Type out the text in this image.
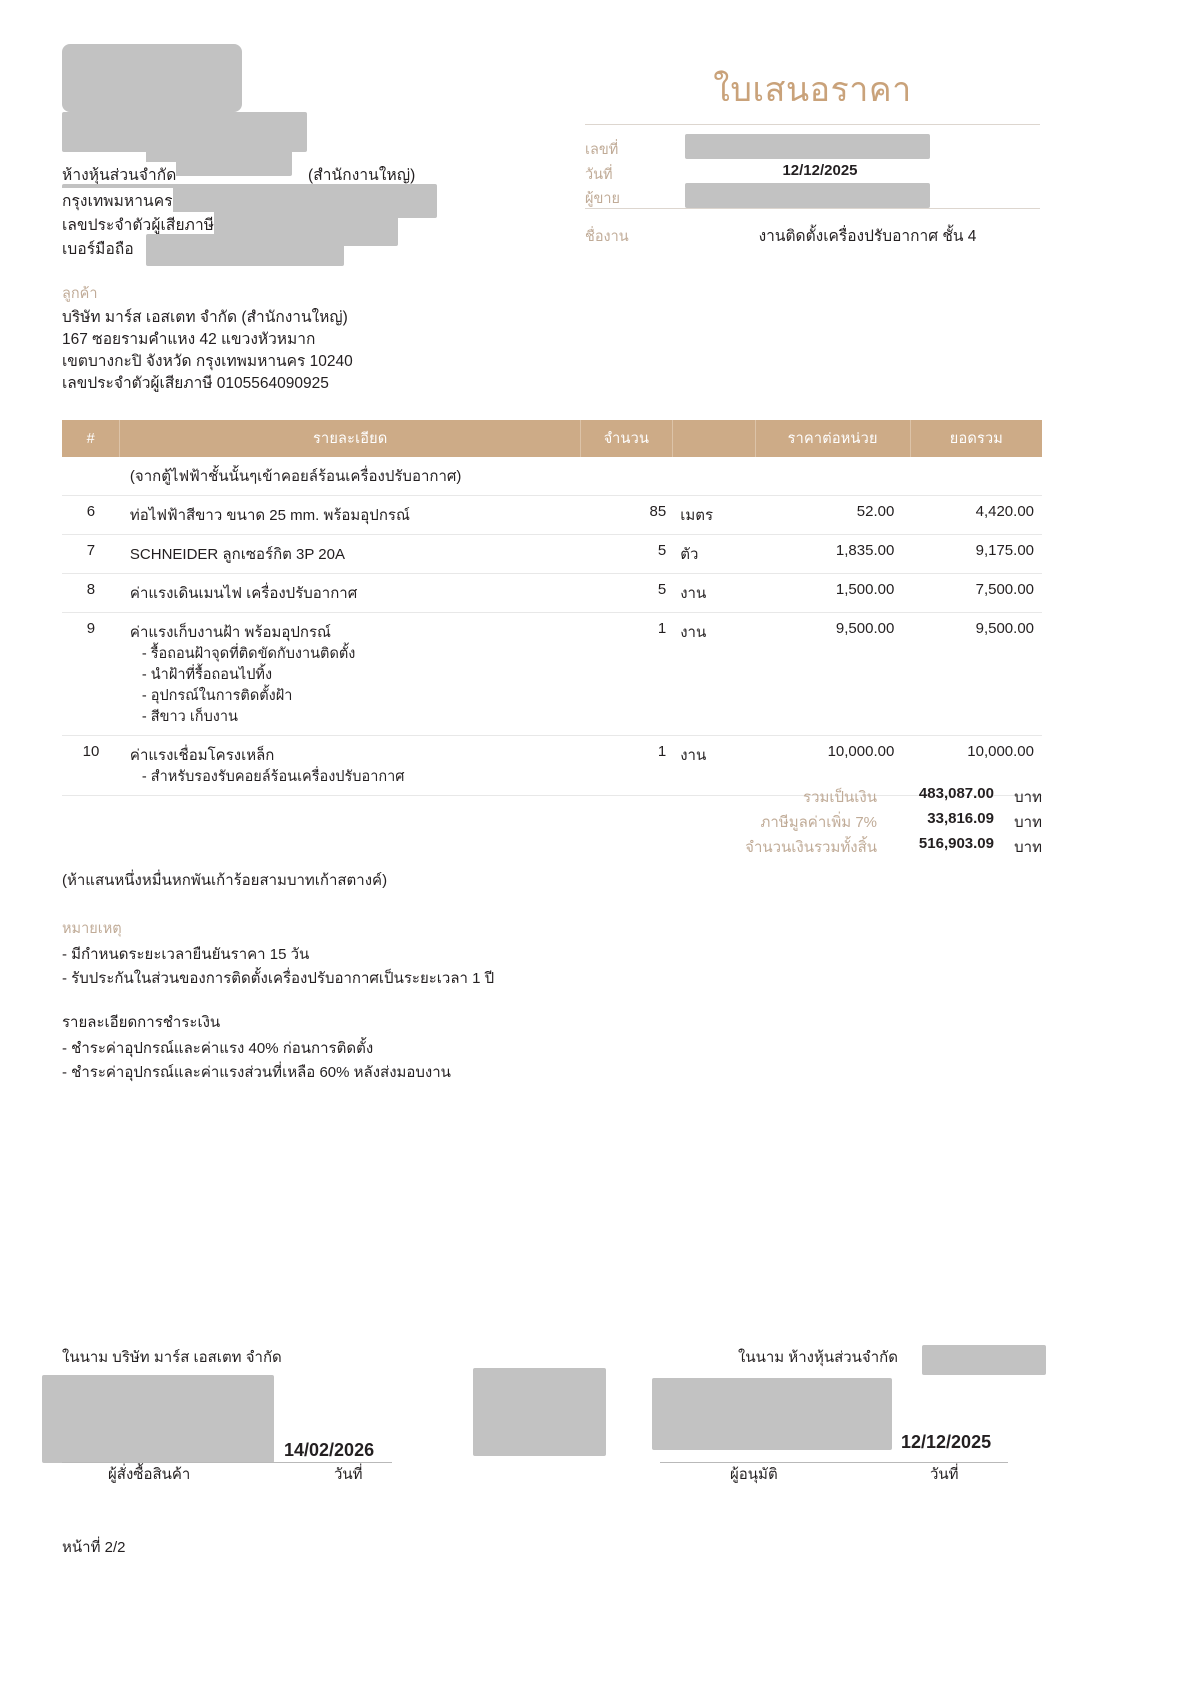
ห้างหุ้นส่วนจำกัด	(สำนักงานใหญ่)
กรุงเทพมหานคร
เลขประจำตัวผู้เสียภาษี
เบอร์มือถือ
ใบเสนอราคา
เลขที่
วันที่	12/12/2025
ผู้ขาย
ชื่องาน	งานติดตั้งเครื่องปรับอากาศ ชั้น 4
ลูกค้า
บริษัท มาร์ส เอสเตท จำกัด (สำนักงานใหญ่)
167 ซอยรามคำแหง 42 แขวงหัวหมาก
เขตบางกะปิ จังหวัด กรุงเทพมหานคร 10240
เลขประจำตัวผู้เสียภาษี 0105564090925
#	รายละเอียด	จำนวน		ราคาต่อหน่วย	ยอดรวม
	(จากตู้ไฟฟ้าชั้นนั้นๆเข้าคอยล์ร้อนเครื่องปรับอากาศ)				
6	ท่อไฟฟ้าสีขาว ขนาด 25 mm. พร้อมอุปกรณ์	85	เมตร	52.00	4,420.00
7	SCHNEIDER ลูกเซอร์กิต 3P 20A	5	ตัว	1,835.00	9,175.00
8	ค่าแรงเดินเมนไฟ เครื่องปรับอากาศ	5	งาน	1,500.00	7,500.00
9	ค่าแรงเก็บงานฝ้า พร้อมอุปกรณ์
- รื้อถอนฝ้าจุดที่ติดขัดกับงานติดตั้ง
- นำฝ้าที่รื้อถอนไปทิ้ง
- อุปกรณ์ในการติดตั้งฝ้า
- สีขาว เก็บงาน	1	งาน	9,500.00	9,500.00
10	ค่าแรงเชื่อมโครงเหล็ก
- สำหรับรองรับคอยล์ร้อนเครื่องปรับอากาศ	1	งาน	10,000.00	10,000.00
รวมเป็นเงิน	483,087.00 บาท
ภาษีมูลค่าเพิ่ม 7%	33,816.09 บาท
จำนวนเงินรวมทั้งสิ้น	516,903.09 บาท
(ห้าแสนหนึ่งหมื่นหกพันเก้าร้อยสามบาทเก้าสตางค์)
หมายเหตุ
- มีกำหนดระยะเวลายืนยันราคา 15 วัน
- รับประกันในส่วนของการติดตั้งเครื่องปรับอากาศเป็นระยะเวลา 1 ปี
รายละเอียดการชำระเงิน
- ชำระค่าอุปกรณ์และค่าแรง 40% ก่อนการติดตั้ง
- ชำระค่าอุปกรณ์และค่าแรงส่วนที่เหลือ 60% หลังส่งมอบงาน
ในนาม บริษัท มาร์ส เอสเตท จำกัด
14/02/2026
ผู้สั่งซื้อสินค้า	วันที่
ในนาม ห้างหุ้นส่วนจำกัด
12/12/2025
ผู้อนุมัติ	วันที่
หน้าที่ 2/2
